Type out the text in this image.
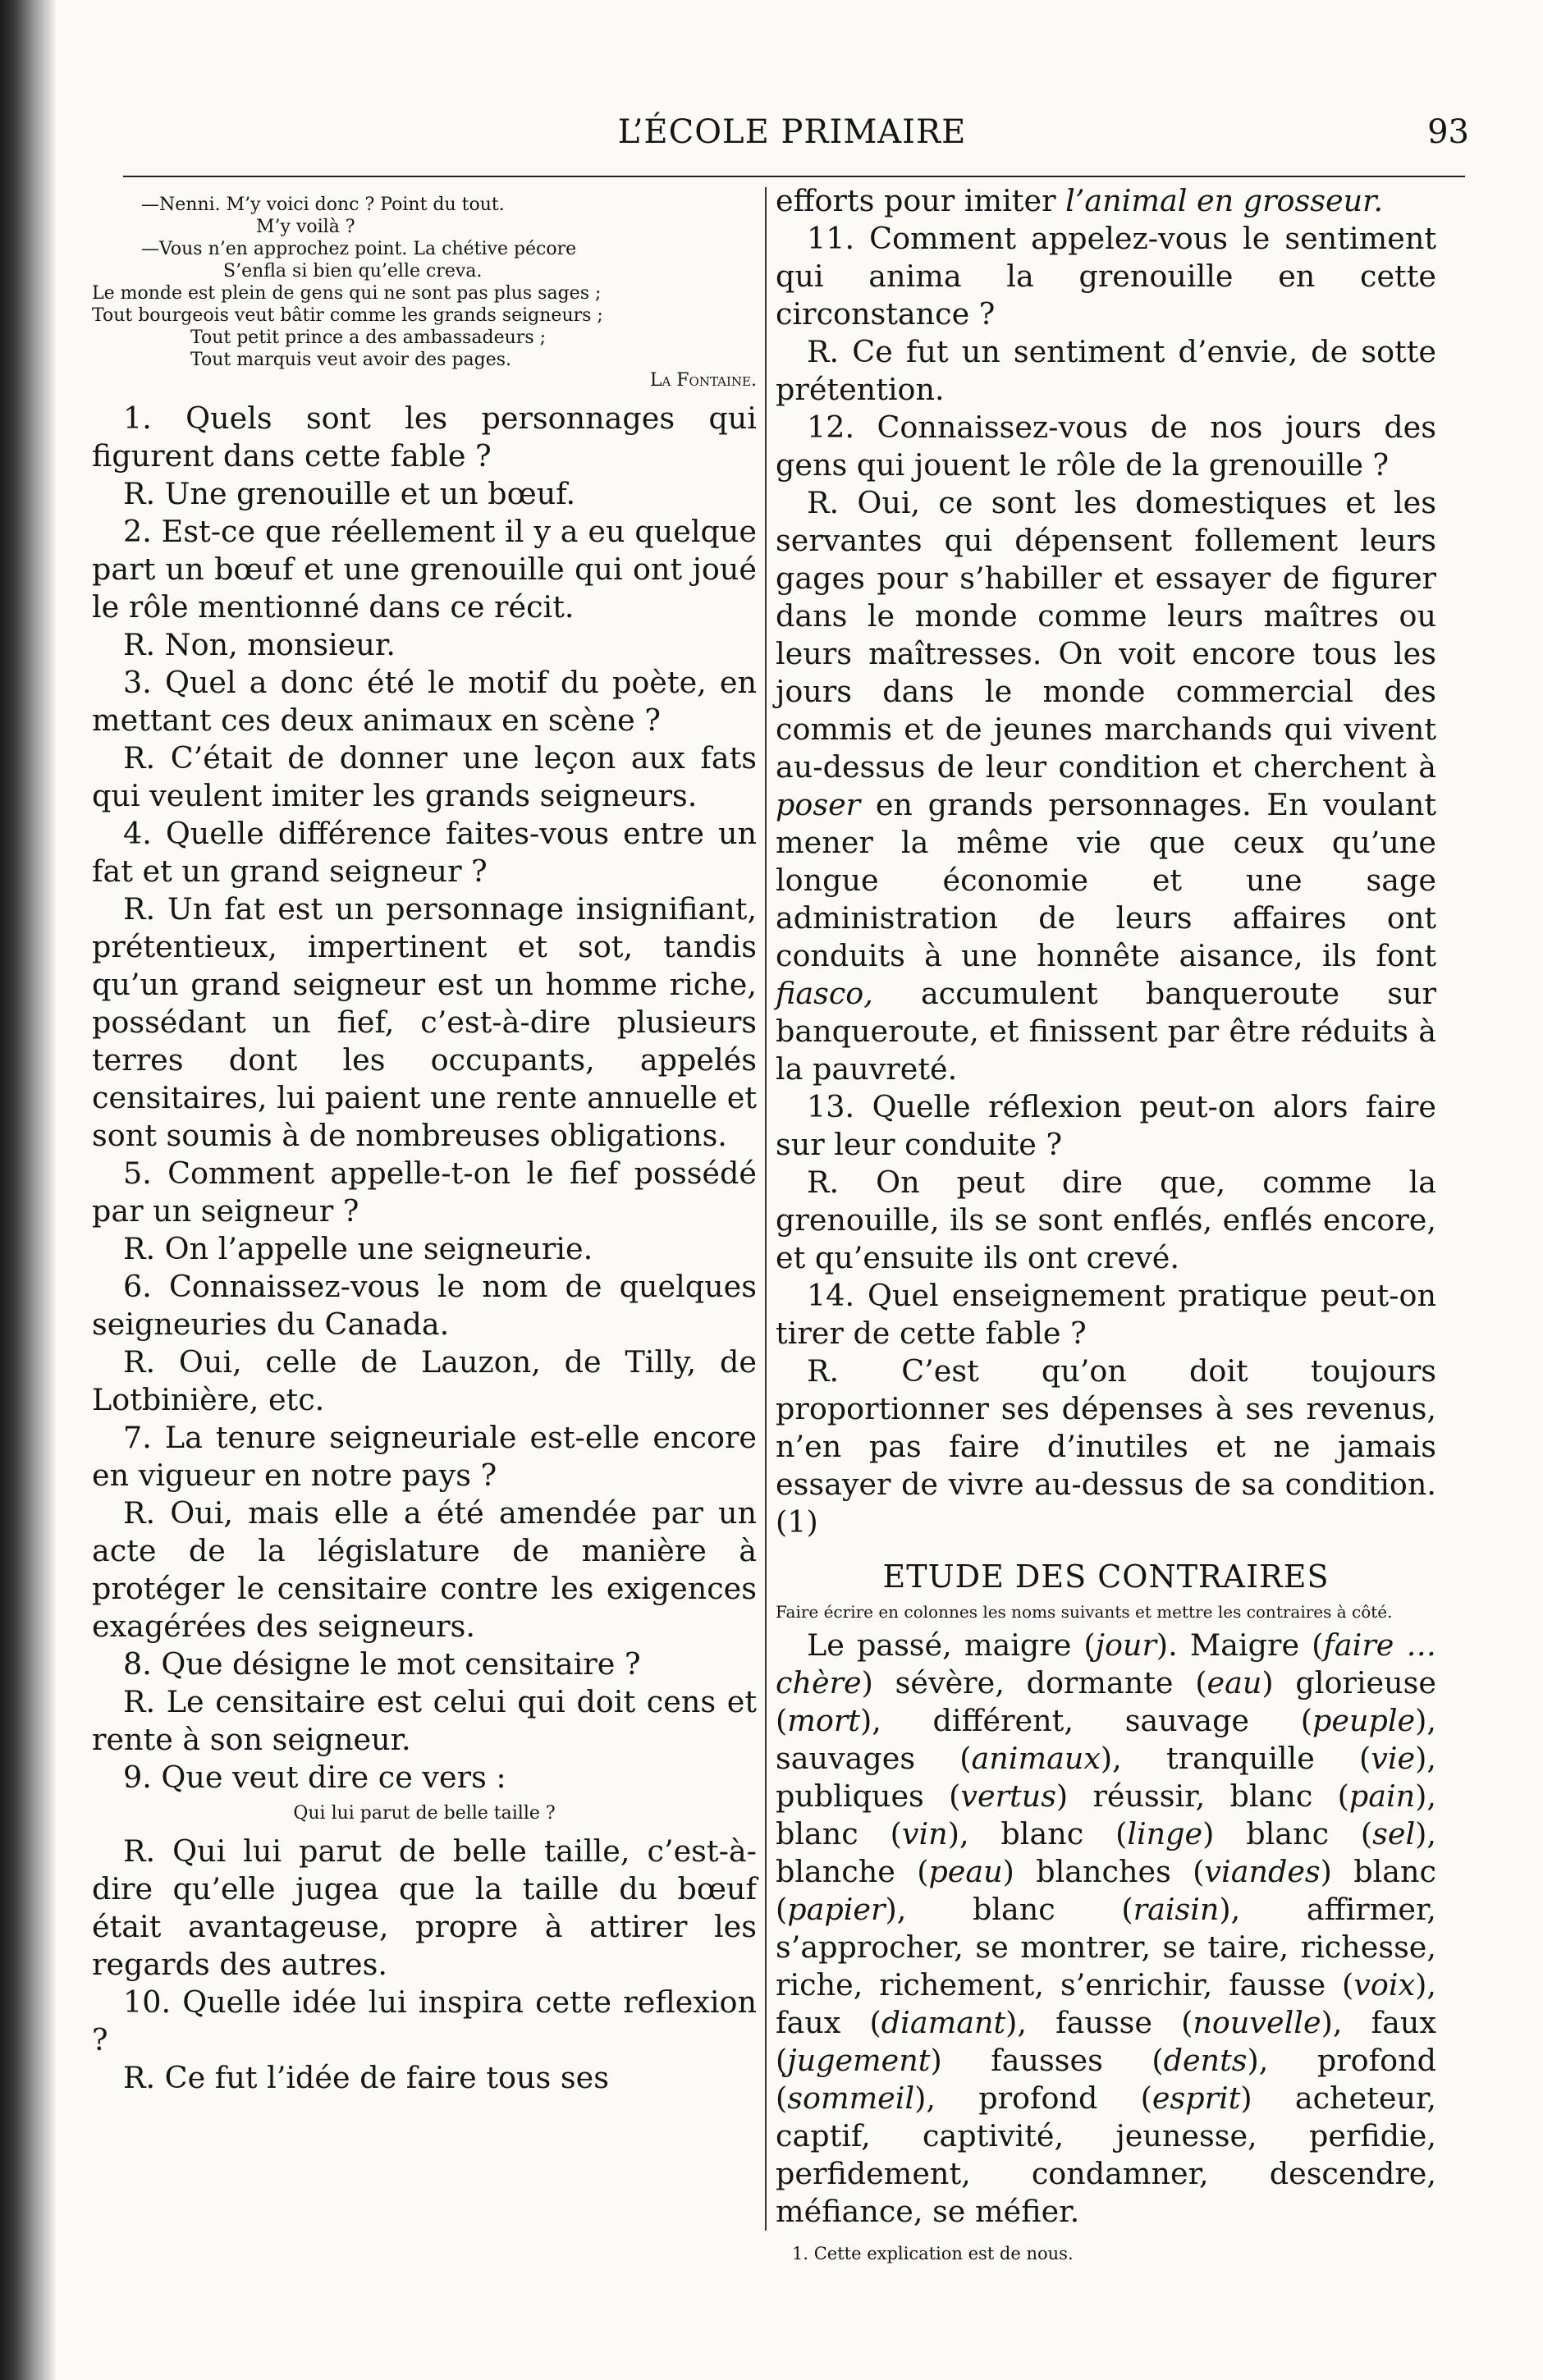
L’ÉCOLE PRIMAIRE	93
—Nenni. M’y voici donc ? Point du tout.
M’y voilà ?
—Vous n’en approchez point. La chétive pécore
S’enfla si bien qu’elle creva.
Le monde est plein de gens qui ne sont pas plus sages ;
Tout bourgeois veut bâtir comme les grands seigneurs ;
Tout petit prince a des ambassadeurs ;
Tout marquis veut avoir des pages.
La Fontaine.

1. Quels sont les personnages qui figurent dans cette fable ?

R. Une grenouille et un bœuf.

2. Est-ce que réellement il y a eu quelque part un bœuf et une grenouille qui ont joué le rôle mentionné dans ce récit.

R. Non, monsieur.

3. Quel a donc été le motif du poète, en mettant ces deux animaux en scène ?

R. C’était de donner une leçon aux fats qui veulent imiter les grands seigneurs.

4. Quelle différence faites-vous entre un fat et un grand seigneur ?

R. Un fat est un personnage insignifiant, prétentieux, impertinent et sot, tandis qu’un grand seigneur est un homme riche, possédant un fief, c’est-à-dire plusieurs terres dont les occupants, appelés censitaires, lui paient une rente annuelle et sont soumis à de nombreuses obligations.

5. Comment appelle-t-on le fief possédé par un seigneur ?

R. On l’appelle une seigneurie.

6. Connaissez-vous le nom de quelques seigneuries du Canada.

R. Oui, celle de Lauzon, de Tilly, de Lotbinière, etc.

7. La tenure seigneuriale est-elle encore en vigueur en notre pays ?

R. Oui, mais elle a été amendée par un acte de la législature de manière à protéger le censitaire contre les exigences exagérées des seigneurs.

8. Que désigne le mot censitaire ?

R. Le censitaire est celui qui doit cens et rente à son seigneur.

9. Que veut dire ce vers :

Qui lui parut de belle taille ?

R. Qui lui parut de belle taille, c’est-à-dire qu’elle jugea que la taille du bœuf était avantageuse, propre à attirer les regards des autres.

10. Quelle idée lui inspira cette reflexion ?

R. Ce fut l’idée de faire tous ses

efforts pour imiter l’animal en grosseur.

11. Comment appelez-vous le sentiment qui anima la grenouille en cette circonstance ?

R. Ce fut un sentiment d’envie, de sotte prétention.

12. Connaissez-vous de nos jours des gens qui jouent le rôle de la grenouille ?

R. Oui, ce sont les domestiques et les servantes qui dépensent follement leurs gages pour s’habiller et essayer de figurer dans le monde comme leurs maîtres ou leurs maîtresses. On voit encore tous les jours dans le monde commercial des commis et de jeunes marchands qui vivent au-dessus de leur condition et cherchent à poser en grands personnages. En voulant mener la même vie que ceux qu’une longue économie et une sage administration de leurs affaires ont conduits à une honnête aisance, ils font fiasco, accumulent banqueroute sur banqueroute, et finissent par être réduits à la pauvreté.

13. Quelle réflexion peut-on alors faire sur leur conduite ?

R. On peut dire que, comme la grenouille, ils se sont enflés, enflés encore, et qu’ensuite ils ont crevé.

14. Quel enseignement pratique peut-on tirer de cette fable ?

R. C’est qu’on doit toujours proportionner ses dépenses à ses revenus, n’en pas faire d’inutiles et ne jamais essayer de vivre au-dessus de sa condition. (1)

ETUDE DES CONTRAIRES
Faire écrire en colonnes les noms suivants et mettre les contraires à côté.

Le passé, maigre (jour). Maigre (faire …chère) sévère, dormante (eau) glorieuse (mort), différent, sauvage (peuple), sauvages (animaux), tranquille (vie), publiques (vertus) réussir, blanc (pain), blanc (vin), blanc (linge) blanc (sel), blanche (peau) blanches (viandes) blanc (papier), blanc (raisin), affirmer, s’approcher, se montrer, se taire, richesse, riche, richement, s’enrichir, fausse (voix), faux (diamant), fausse (nouvelle), faux (jugement) fausses (dents), profond (sommeil), profond (esprit) acheteur, captif, captivité, jeunesse, perfidie, perfidement, condamner, descendre, méfiance, se méfier.

1. Cette explication est de nous.
